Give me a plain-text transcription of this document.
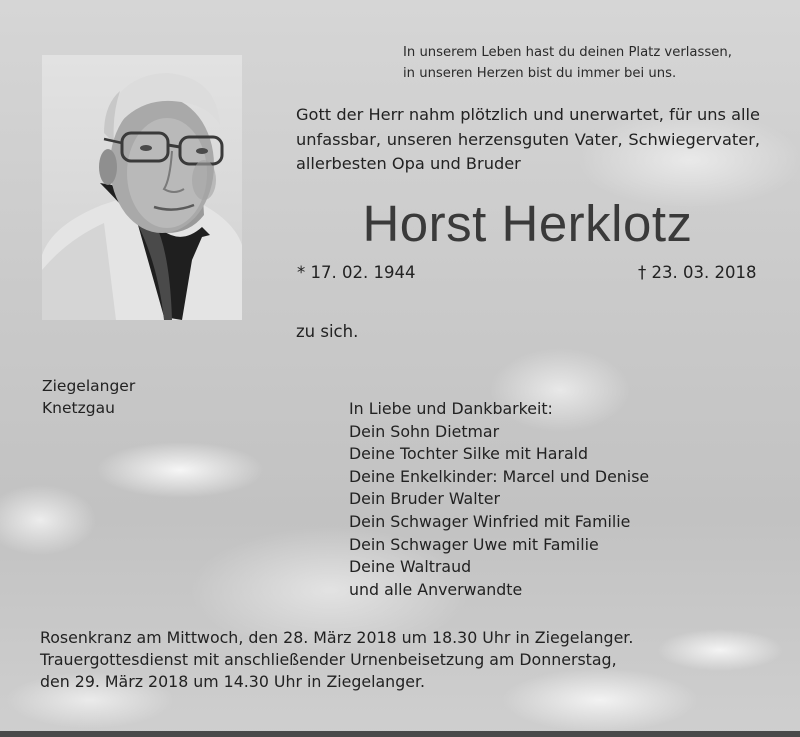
In unserem Leben hast du deinen Platz verlassen,
in unseren Herzen bist du immer bei uns.
Gott der Herr nahm plötzlich und unerwartet, für uns alle
unfassbar, unseren herzensguten Vater, Schwiegervater,
allerbesten Opa und Bruder
Horst Herklotz
* 17. 02. 1944	† 23. 03. 2018
zu sich.
Ziegelanger
Knetzgau	In Liebe und Dankbarkeit:
Dein Sohn Dietmar
Deine Tochter Silke mit Harald
Deine Enkelkinder: Marcel und Denise
Dein Bruder Walter
Dein Schwager Winfried mit Familie
Dein Schwager Uwe mit Familie
Deine Waltraud
und alle Anverwandte
Rosenkranz am Mittwoch, den 28. März 2018 um 18.30 Uhr in Ziegelanger.
Trauergottesdienst mit anschließender Urnenbeisetzung am Donnerstag,
den 29. März 2018 um 14.30 Uhr in Ziegelanger.
